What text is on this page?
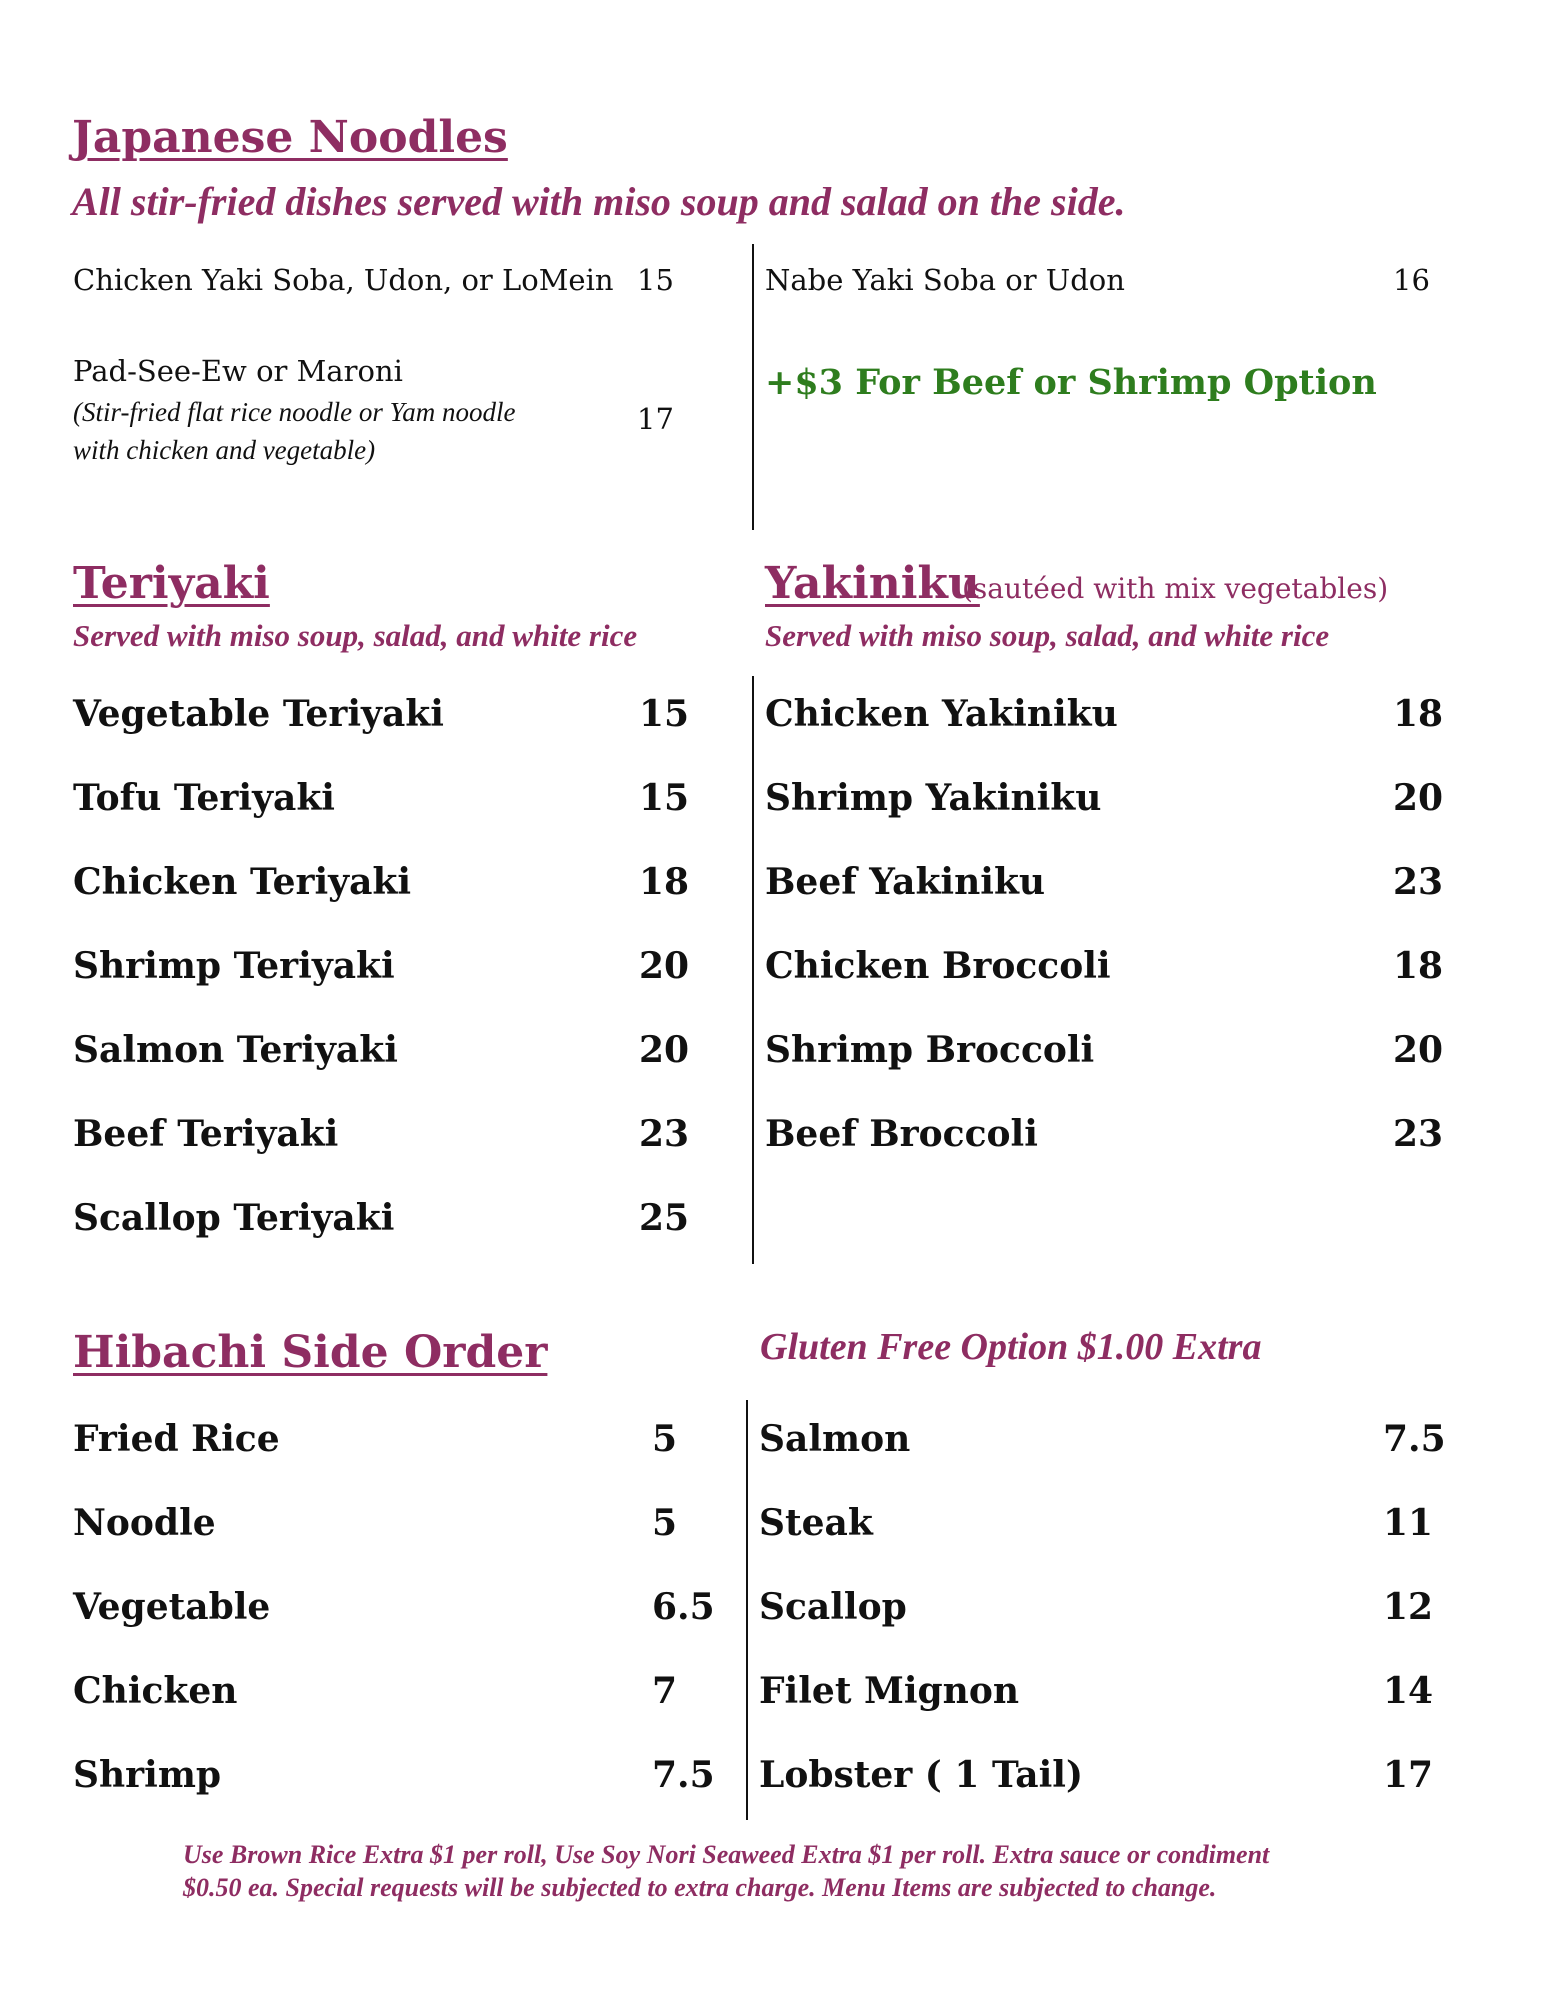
Japanese Noodles
All stir-fried dishes served with miso soup and salad on the side.
Chicken Yaki Soba, Udon, or LoMein 15
Pad-See-Ew or Maroni
(Stir-fried flat rice noodle or Yam noodle
with chicken and vegetable)
17
Nabe Yaki Soba or Udon	16
+$3 For Beef or Shrimp Option
Teriyaki
Served with miso soup, salad, and white rice
Vegetable Teriyaki	15
Tofu Teriyaki	15
Chicken Teriyaki	18
Shrimp Teriyaki	20
Salmon Teriyaki	20
Beef Teriyaki	23
Scallop Teriyaki	25
Yakiniku
(sautéed with mix vegetables)
Served with miso soup, salad, and white rice
Chicken Yakiniku	18
Shrimp Yakiniku	20
Beef Yakiniku	23
Chicken Broccoli	18
Shrimp Broccoli	20
Beef Broccoli	23
Hibachi Side Order	Gluten Free Option $1.00 Extra
Fried Rice	5
Noodle	5
Vegetable	6.5
Chicken	7
Shrimp	7.5
Salmon	7.5
Steak	11
Scallop	12
Filet Mignon	14
Lobster ( 1 Tail)	17
Use Brown Rice Extra $1 per roll, Use Soy Nori Seaweed Extra $1 per roll. Extra sauce or condiment
$0.50 ea. Special requests will be subjected to extra charge. Menu Items are subjected to change.
